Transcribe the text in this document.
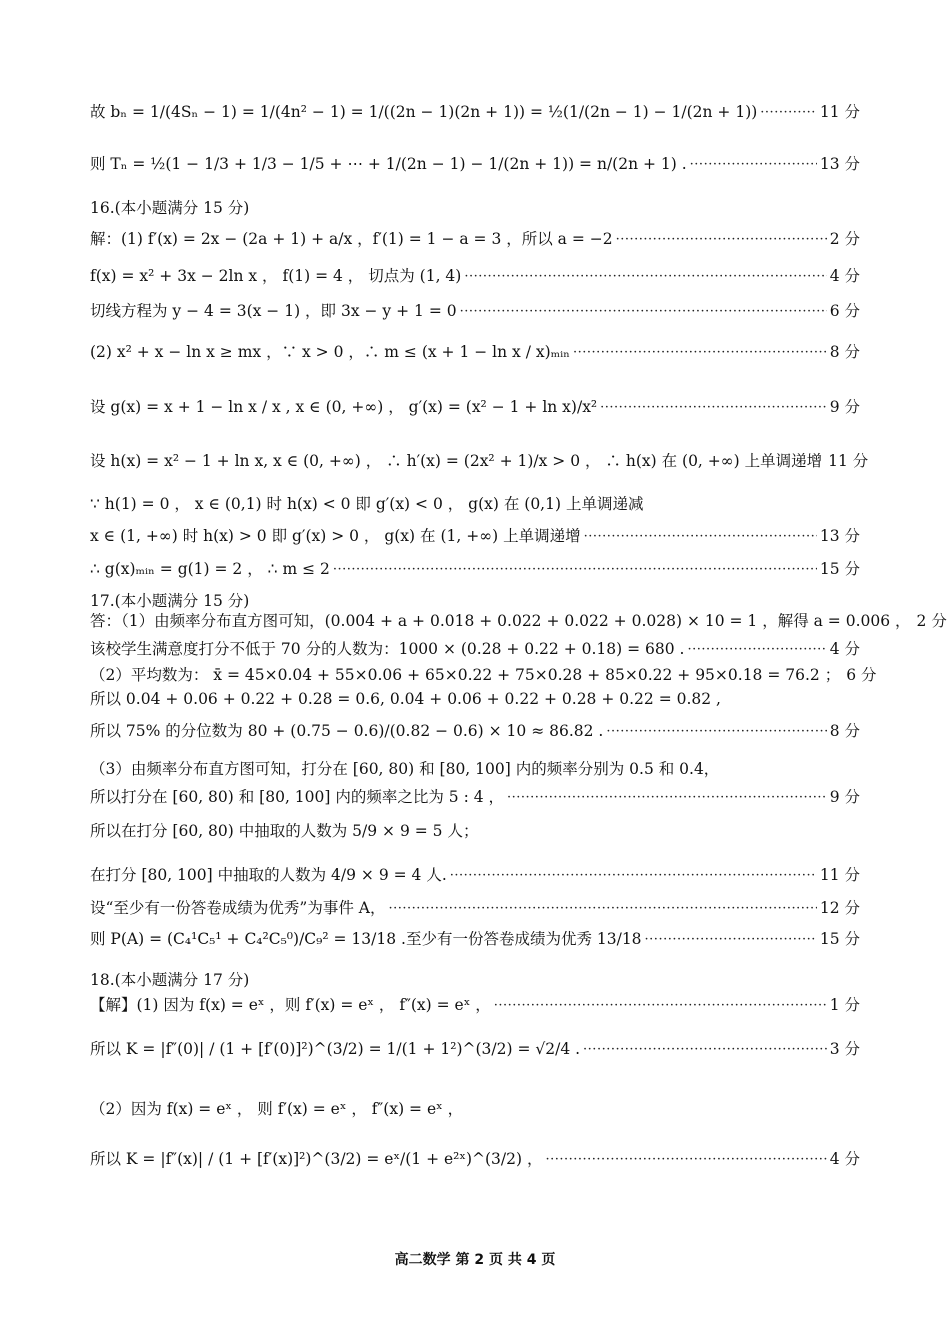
故 bₙ = 1/(4Sₙ − 1) = 1/(4n² − 1) = 1/((2n − 1)(2n + 1)) = ½(1/(2n − 1) − 1/(2n + 1)) ·····	11 分
则 Tₙ = ½(1 − 1/3 + 1/3 − 1/5 + ⋯ + 1/(2n − 1) − 1/(2n + 1)) = n/(2n + 1) . ·····	13 分
16.(本小题满分 15 分)
解：(1) f′(x) = 2x − (2a + 1) + a/x ，f′(1) = 1 − a = 3 ，所以 a = −2 ·····	2 分
f(x) = x² + 3x − 2ln x ， f(1) = 4 ， 切点为 (1, 4) ·····	4 分
切线方程为 y − 4 = 3(x − 1) ，即 3x − y + 1 = 0 ·····	6 分
(2) x² + x − ln x ≥ mx ，∵ x > 0 ，∴ m ≤ (x + 1 − ln x / x)ₘᵢₙ ·····	8 分
设 g(x) = x + 1 − ln x / x , x ∈ (0, +∞) ， g′(x) = (x² − 1 + ln x)/x² ·····	9 分
设 h(x) = x² − 1 + ln x, x ∈ (0, +∞) ， ∴ h′(x) = (2x² + 1)/x > 0 ， ∴ h(x) 在 (0, +∞) 上单调递增 11 分
∵ h(1) = 0 ， x ∈ (0,1) 时 h(x) < 0 即 g′(x) < 0 ， g(x) 在 (0,1) 上单调递减
x ∈ (1, +∞) 时 h(x) > 0 即 g′(x) > 0 ， g(x) 在 (1, +∞) 上单调递增 ·····	13 分
∴ g(x)ₘᵢₙ = g(1) = 2 ， ∴ m ≤ 2 ·····	15 分
17.(本小题满分 15 分)
答：（1）由频率分布直方图可知，(0.004 + a + 0.018 + 0.022 + 0.022 + 0.028) × 10 = 1 ，解得 a = 0.006 ， 2 分
该校学生满意度打分不低于 70 分的人数为：1000 × (0.28 + 0.22 + 0.18) = 680 . ·····	4 分
（2）平均数为： x̄ = 45×0.04 + 55×0.06 + 65×0.22 + 75×0.28 + 85×0.22 + 95×0.18 = 76.2 ； 6 分
所以 0.04 + 0.06 + 0.22 + 0.28 = 0.6, 0.04 + 0.06 + 0.22 + 0.28 + 0.22 = 0.82 ,
所以 75% 的分位数为 80 + (0.75 − 0.6)/(0.82 − 0.6) × 10 ≈ 86.82 . ·····	8 分
（3）由频率分布直方图可知，打分在 [60, 80) 和 [80, 100] 内的频率分别为 0.5 和 0.4，
所以打分在 [60, 80) 和 [80, 100] 内的频率之比为 5 : 4 ， ·····	9 分
所以在打分 [60, 80) 中抽取的人数为 5/9 × 9 = 5 人；
在打分 [80, 100] 中抽取的人数为 4/9 × 9 = 4 人. ·····	11 分
设“至少有一份答卷成绩为优秀”为事件 A， ·····	12 分
则 P(A) = (C₄¹C₅¹ + C₄²C₅⁰)/C₉² = 13/18 .至少有一份答卷成绩为优秀 13/18 ·····	15 分
18.(本小题满分 17 分)
【解】(1) 因为 f(x) = eˣ ，则 f′(x) = eˣ ， f″(x) = eˣ ， ·····	1 分
所以 K = |f″(0)| / (1 + [f′(0)]²)^(3/2) = 1/(1 + 1²)^(3/2) = √2/4 . ·····	3 分
（2）因为 f(x) = eˣ ， 则 f′(x) = eˣ ， f″(x) = eˣ ，
所以 K = |f″(x)| / (1 + [f′(x)]²)^(3/2) = eˣ/(1 + e²ˣ)^(3/2) ， ·····	4 分
高二数学 第 2 页 共 4 页
